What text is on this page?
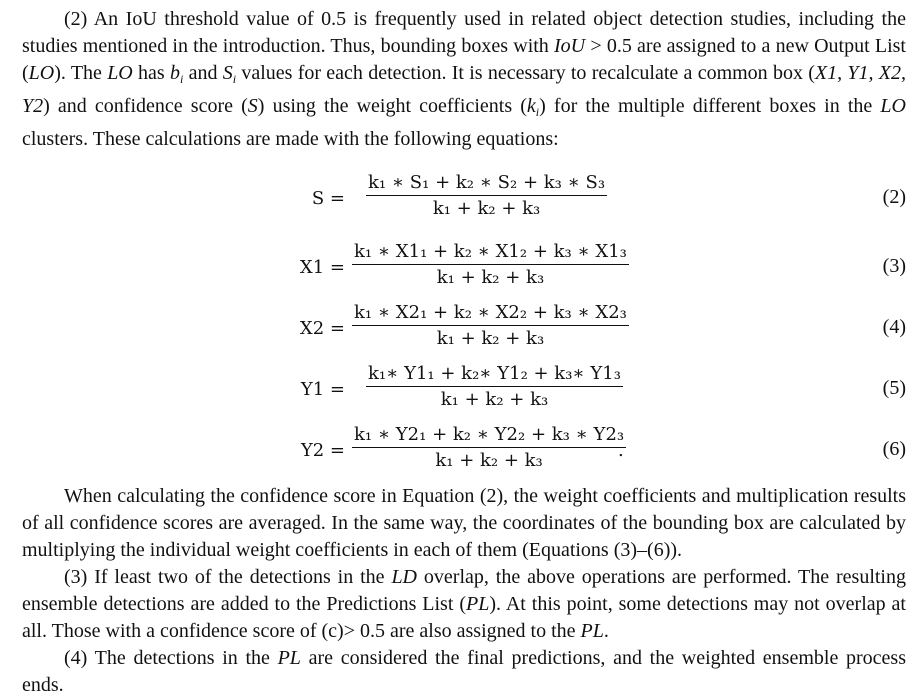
(2) An IoU threshold value of 0.5 is frequently used in related object detection studies, including the studies mentioned in the introduction. Thus, bounding boxes with IoU > 0.5 are assigned to a new Output List (LO). The LO has $b_i$ and $S_i$ values for each detection. It is necessary to recalculate a common box (X1, Y1, X2, Y2) and confidence score (S) using the weight coefficients $(k_i)$ for the multiple different boxes in the LO clusters. These calculations are made with the following equations:

S =
k₁ ∗ S₁ + k₂ ∗ S₂ + k₃ ∗ S₃
k₁ + k₂ + k₃
(2)
X1 =
k₁ ∗ X1₁ + k₂ ∗ X1₂ + k₃ ∗ X1₃
k₁ + k₂ + k₃
(3)
X2 =
k₁ ∗ X2₁ + k₂ ∗ X2₂ + k₃ ∗ X2₃
k₁ + k₂ + k₃
(4)
Y1 =
k₁∗ Y1₁ + k₂∗ Y1₂ + k₃∗ Y1₃
k₁ + k₂ + k₃
(5)
Y2 =
k₁ ∗ Y2₁ + k₂ ∗ Y2₂ + k₃ ∗ Y2₃
k₁ + k₂ + k₃	.	(6)

When calculating the confidence score in Equation (2), the weight coefficients and multiplication results of all confidence scores are averaged. In the same way, the coordinates of the bounding box are calculated by multiplying the individual weight coefficients in each of them (Equations (3)–(6)).

(3) If least two of the detections in the LD overlap, the above operations are performed. The resulting ensemble detections are added to the Predictions List (PL). At this point, some detections may not overlap at all. Those with a confidence score of (c)> 0.5 are also assigned to the PL.

(4) The detections in the PL are considered the final predictions, and the weighted ensemble process ends.
